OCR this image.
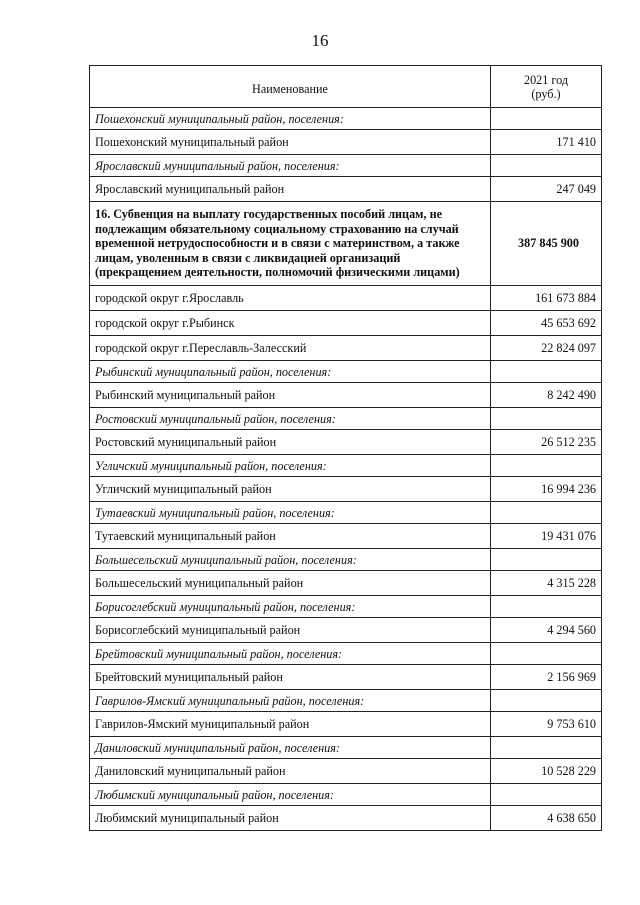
16
Наименование	2021 год
(руб.)
Пошехонский муниципальный район, поселения:	
Пошехонский муниципальный район	171 410
Ярославский муниципальный район, поселения:	
Ярославский муниципальный район	247 049
16. Субвенция на выплату государственных пособий лицам, не подлежащим обязательному социальному страхованию на случай временной нетрудоспособности и в связи с материнством, а также лицам, уволенным в связи с ликвидацией организаций (прекращением деятельности, полномочий физическими лицами)	387 845 900
городской округ г.Ярославль	161 673 884
городской округ г.Рыбинск	45 653 692
городской округ г.Переславль-Залесский	22 824 097
Рыбинский муниципальный район, поселения:	
Рыбинский муниципальный район	8 242 490
Ростовский муниципальный район, поселения:	
Ростовский муниципальный район	26 512 235
Угличский муниципальный район, поселения:	
Угличский муниципальный район	16 994 236
Тутаевский муниципальный район, поселения:	
Тутаевский муниципальный район	19 431 076
Большесельский муниципальный район, поселения:	
Большесельский муниципальный район	4 315 228
Борисоглебский муниципальный район, поселения:	
Борисоглебский муниципальный район	4 294 560
Брейтовский муниципальный район, поселения:	
Брейтовский муниципальный район	2 156 969
Гаврилов-Ямский муниципальный район, поселения:	
Гаврилов-Ямский муниципальный район	9 753 610
Даниловский муниципальный район, поселения:	
Даниловский муниципальный район	10 528 229
Любимский муниципальный район, поселения:	
Любимский муниципальный район	4 638 650
